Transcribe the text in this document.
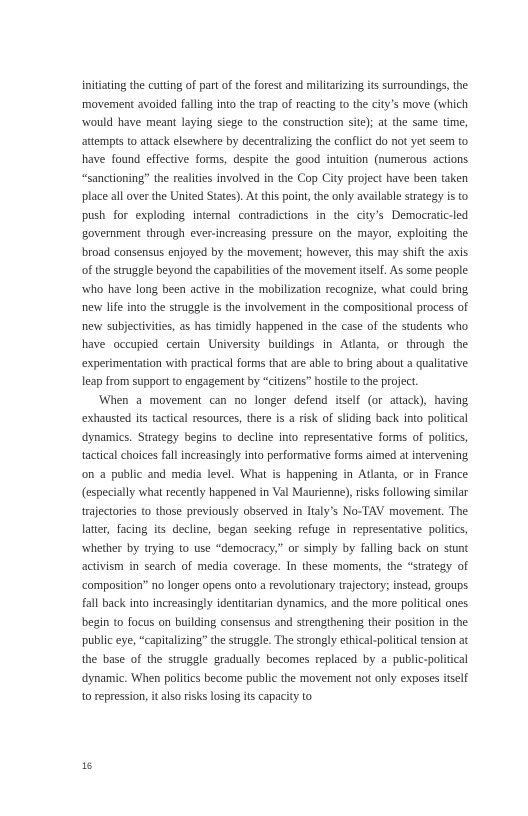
initiating the cutting of part of the forest and militarizing its surroundings, the movement avoided falling into the trap of reacting to the city’s move (which would have meant laying siege to the construction site); at the same time, attempts to attack elsewhere by decentralizing the conflict do not yet seem to have found effective forms, despite the good intuition (numerous actions “sanctioning” the realities involved in the Cop City project have been taken place all over the United States). At this point, the only available strategy is to push for exploding internal contradictions in the city’s Democratic-led government through ever-increasing pressure on the mayor, exploiting the broad consensus enjoyed by the movement; however, this may shift the axis of the struggle beyond the capabilities of the movement itself. As some people who have long been active in the mobilization recognize, what could bring new life into the struggle is the involvement in the compositional process of new subjectivities, as has timidly happened in the case of the students who have occupied certain University buildings in Atlanta, or through the experimentation with practical forms that are able to bring about a qualitative leap from support to engagement by “citizens” hostile to the project.

When a movement can no longer defend itself (or attack), having exhausted its tactical resources, there is a risk of sliding back into political dynamics. Strategy begins to decline into representative forms of politics, tactical choices fall increasingly into performative forms aimed at intervening on a public and media level. What is happening in Atlanta, or in France (especially what recently happened in Val Maurienne), risks following similar trajectories to those previously observed in Italy’s No-TAV movement. The latter, facing its decline, began seeking refuge in representative politics, whether by trying to use “democracy,” or simply by falling back on stunt activism in search of media coverage. In these moments, the “strategy of composition” no longer opens onto a revolutionary trajectory; instead, groups fall back into increasingly identitarian dynamics, and the more political ones begin to focus on building consensus and strengthening their position in the public eye, “capitalizing” the struggle. The strongly ethical-political tension at the base of the struggle gradually becomes replaced by a public-political dynamic. When politics become public the movement not only exposes itself to repression, it also risks losing its capacity to

16
